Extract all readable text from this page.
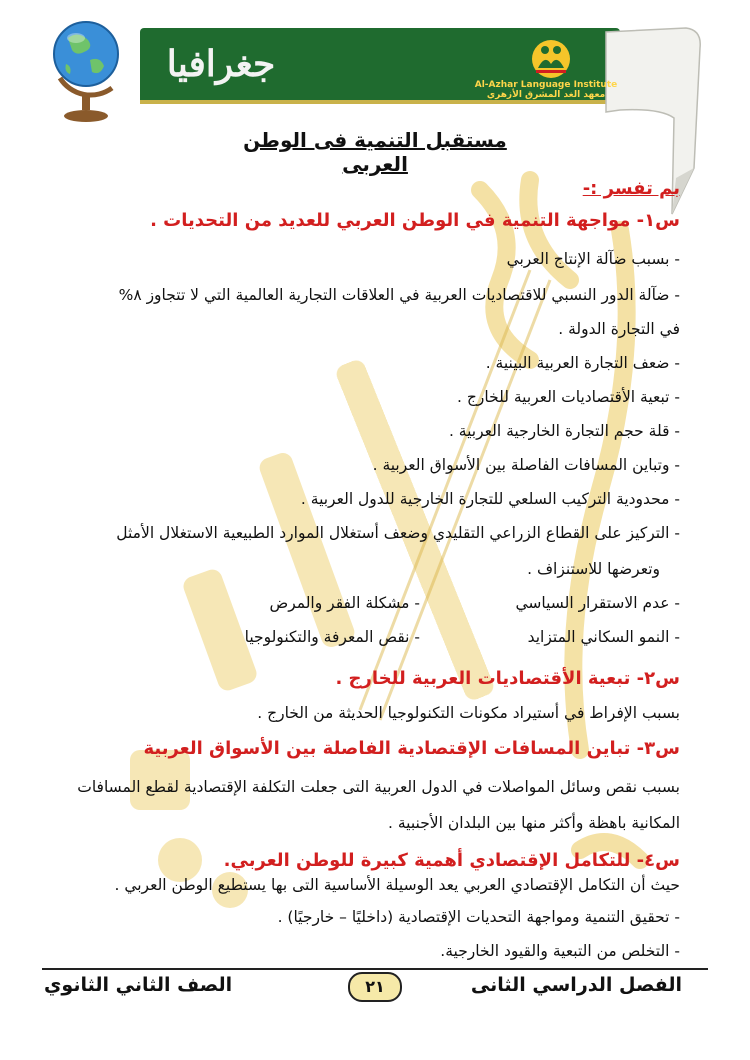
جغرافيا	Al-Azhar Language Institute
معهد الغد المشرق الأزهري
مستقبل التنمية فى الوطن العربى
بم تفسر :-
س١- مواجهة التنمية في الوطن العربي للعديد من التحديات .
- بسبب ضآلة الإنتاج العربي
- ضآلة الدور النسبي للاقتصاديات العربية في العلاقات التجارية العالمية التي لا تتجاوز ٨%
في التجارة الدولة .
- ضعف التجارة العربية البينية .
- تبعية الأقتصاديات العربية للخارج .
- قلة حجم التجارة الخارجية العربية .
- وتباين المسافات الفاصلة بين الأسواق العربية .
- محدودية التركيب السلعي للتجارة الخارجية للدول العربية .
- التركيز على القطاع الزراعي التقليدي وضعف أستغلال الموارد الطبيعية الاستغلال الأمثل
وتعرضها للاستنزاف .
- عدم الاستقرار السياسي
- مشكلة الفقر والمرض
- النمو السكاني المتزايد
- نقص المعرفة والتكنولوجيا
س٢- تبعية الأقتصاديات العربية للخارج .
بسبب الإفراط في أستيراد مكونات التكنولوجيا الحديثة من الخارج .
س٣- تباين المسافات الإقتصادية الفاصلة بين الأسواق العربية
بسبب نقص وسائل المواصلات في الدول العربية التى جعلت التكلفة الإقتصادية لقطع المسافات
المكانية باهظة وأكثر منها بين البلدان الأجنبية .
س٤- للتكامل الإقتصادي أهمية كبيرة للوطن العربي.
حيث أن التكامل الإقتصادي العربي يعد الوسيلة الأساسية التى بها يستطيع الوطن العربي .
- تحقيق التنمية ومواجهة التحديات الإقتصادية (داخليًا – خارجيًا) .
- التخلص من التبعية والقيود الخارجية.
الفصل الدراسي الثانى
٢١
الصف الثاني الثانوي
